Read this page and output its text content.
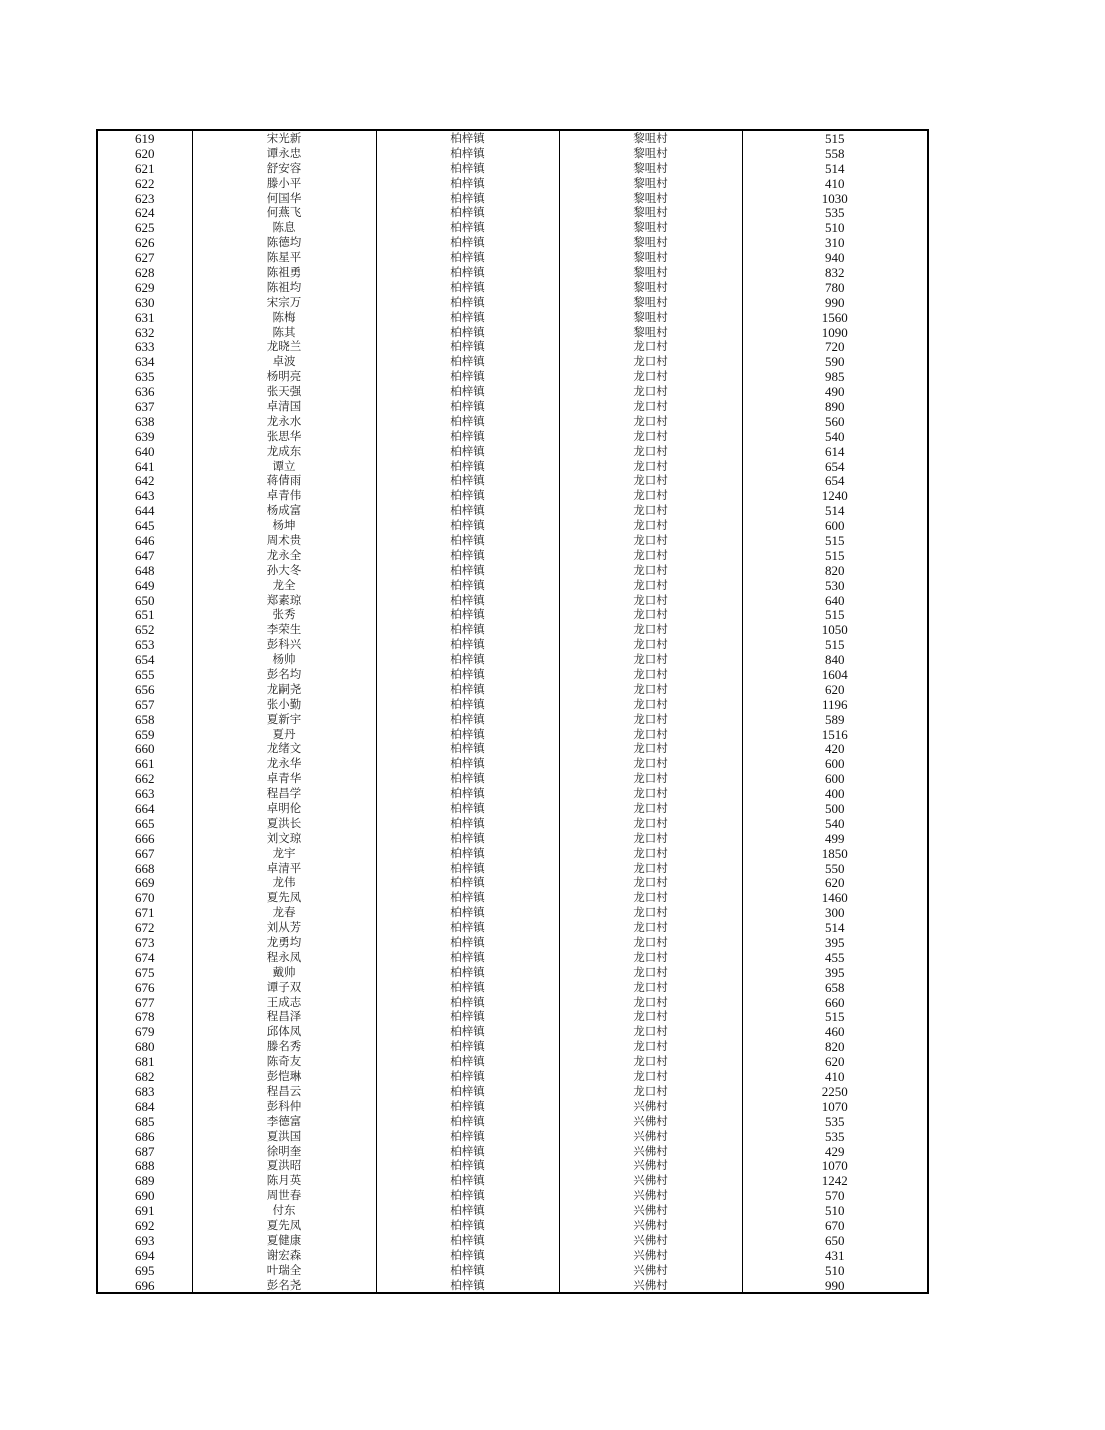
619	宋光新	柏梓镇	黎咀村	515
620	谭永忠	柏梓镇	黎咀村	558
621	舒安容	柏梓镇	黎咀村	514
622	滕小平	柏梓镇	黎咀村	410
623	何国华	柏梓镇	黎咀村	1030
624	何燕飞	柏梓镇	黎咀村	535
625	陈息	柏梓镇	黎咀村	510
626	陈德均	柏梓镇	黎咀村	310
627	陈星平	柏梓镇	黎咀村	940
628	陈祖勇	柏梓镇	黎咀村	832
629	陈祖均	柏梓镇	黎咀村	780
630	宋宗万	柏梓镇	黎咀村	990
631	陈梅	柏梓镇	黎咀村	1560
632	陈其	柏梓镇	黎咀村	1090
633	龙晓兰	柏梓镇	龙口村	720
634	卓波	柏梓镇	龙口村	590
635	杨明亮	柏梓镇	龙口村	985
636	张天强	柏梓镇	龙口村	490
637	卓清国	柏梓镇	龙口村	890
638	龙永水	柏梓镇	龙口村	560
639	张思华	柏梓镇	龙口村	540
640	龙成东	柏梓镇	龙口村	614
641	谭立	柏梓镇	龙口村	654
642	蒋倩雨	柏梓镇	龙口村	654
643	卓青伟	柏梓镇	龙口村	1240
644	杨成富	柏梓镇	龙口村	514
645	杨坤	柏梓镇	龙口村	600
646	周术贵	柏梓镇	龙口村	515
647	龙永全	柏梓镇	龙口村	515
648	孙大冬	柏梓镇	龙口村	820
649	龙全	柏梓镇	龙口村	530
650	郑素琼	柏梓镇	龙口村	640
651	张秀	柏梓镇	龙口村	515
652	李荣生	柏梓镇	龙口村	1050
653	彭科兴	柏梓镇	龙口村	515
654	杨帅	柏梓镇	龙口村	840
655	彭名均	柏梓镇	龙口村	1604
656	龙嗣尧	柏梓镇	龙口村	620
657	张小勤	柏梓镇	龙口村	1196
658	夏新宇	柏梓镇	龙口村	589
659	夏丹	柏梓镇	龙口村	1516
660	龙绪文	柏梓镇	龙口村	420
661	龙永华	柏梓镇	龙口村	600
662	卓青华	柏梓镇	龙口村	600
663	程昌学	柏梓镇	龙口村	400
664	卓明伦	柏梓镇	龙口村	500
665	夏洪长	柏梓镇	龙口村	540
666	刘文琼	柏梓镇	龙口村	499
667	龙宇	柏梓镇	龙口村	1850
668	卓清平	柏梓镇	龙口村	550
669	龙伟	柏梓镇	龙口村	620
670	夏先凤	柏梓镇	龙口村	1460
671	龙春	柏梓镇	龙口村	300
672	刘从芳	柏梓镇	龙口村	514
673	龙勇均	柏梓镇	龙口村	395
674	程永凤	柏梓镇	龙口村	455
675	戴帅	柏梓镇	龙口村	395
676	谭子双	柏梓镇	龙口村	658
677	王成志	柏梓镇	龙口村	660
678	程昌泽	柏梓镇	龙口村	515
679	邱体凤	柏梓镇	龙口村	460
680	滕名秀	柏梓镇	龙口村	820
681	陈奇友	柏梓镇	龙口村	620
682	彭恺琳	柏梓镇	龙口村	410
683	程昌云	柏梓镇	龙口村	2250
684	彭科仲	柏梓镇	兴佛村	1070
685	李德富	柏梓镇	兴佛村	535
686	夏洪国	柏梓镇	兴佛村	535
687	徐明奎	柏梓镇	兴佛村	429
688	夏洪昭	柏梓镇	兴佛村	1070
689	陈月英	柏梓镇	兴佛村	1242
690	周世春	柏梓镇	兴佛村	570
691	付东	柏梓镇	兴佛村	510
692	夏先凤	柏梓镇	兴佛村	670
693	夏健康	柏梓镇	兴佛村	650
694	谢宏森	柏梓镇	兴佛村	431
695	叶瑞全	柏梓镇	兴佛村	510
696	彭名尧	柏梓镇	兴佛村	990
